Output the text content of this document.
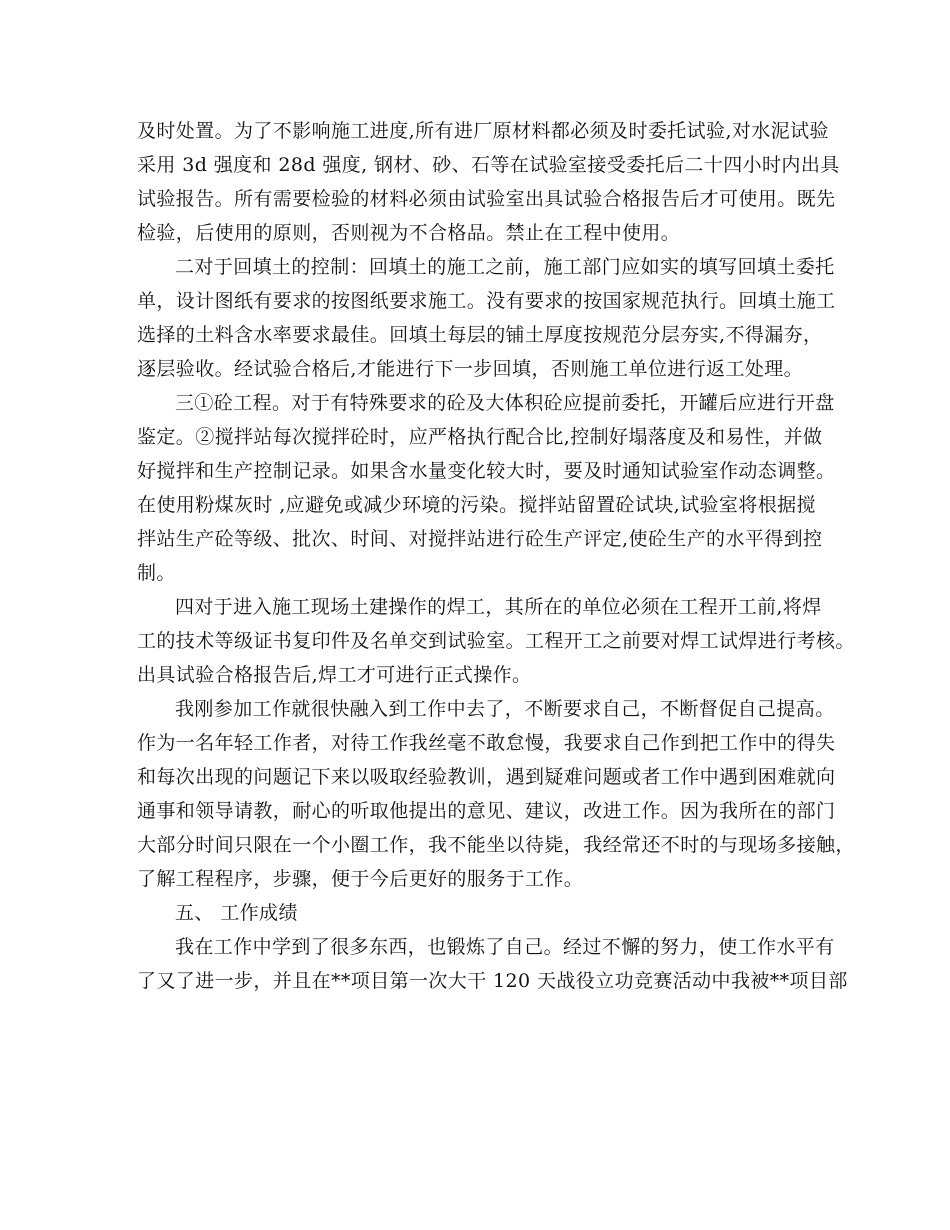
及时处置。为了不影响施工进度,所有进厂原材料都必须及时委托试验,对水泥试验
采用 3d 强度和 28d 强度, 钢材、砂、石等在试验室接受委托后二十四小时内出具
试验报告。所有需要检验的材料必须由试验室出具试验合格报告后才可使用。既先
检验，后使用的原则，否则视为不合格品。禁止在工程中使用。
二对于回填土的控制：回填土的施工之前，施工部门应如实的填写回填土委托
单，设计图纸有要求的按图纸要求施工。没有要求的按国家规范执行。回填土施工
选择的土料含水率要求最佳。回填土每层的铺土厚度按规范分层夯实,不得漏夯，
逐层验收。经试验合格后,才能进行下一步回填，否则施工单位进行返工处理。
三①砼工程。对于有特殊要求的砼及大体积砼应提前委托，开罐后应进行开盘
鉴定。②搅拌站每次搅拌砼时，应严格执行配合比,控制好塌落度及和易性，并做
好搅拌和生产控制记录。如果含水量变化较大时，要及时通知试验室作动态调整。
在使用粉煤灰时 ,应避免或减少环境的污染。搅拌站留置砼试块,试验室将根据搅
拌站生产砼等级、批次、时间、对搅拌站进行砼生产评定,使砼生产的水平得到控
制。
四对于进入施工现场土建操作的焊工，其所在的单位必须在工程开工前,将焊
工的技术等级证书复印件及名单交到试验室。工程开工之前要对焊工试焊进行考核。
出具试验合格报告后,焊工才可进行正式操作。
我刚参加工作就很快融入到工作中去了，不断要求自己，不断督促自己提高。
作为一名年轻工作者，对待工作我丝毫不敢怠慢，我要求自己作到把工作中的得失
和每次出现的问题记下来以吸取经验教训，遇到疑难问题或者工作中遇到困难就向
通事和领导请教，耐心的听取他提出的意见、建议，改进工作。因为我所在的部门
大部分时间只限在一个小圈工作，我不能坐以待毙，我经常还不时的与现场多接触，
了解工程程序，步骤，便于今后更好的服务于工作。
五、 工作成绩
我在工作中学到了很多东西，也锻炼了自己。经过不懈的努力，使工作水平有
了又了进一步，并且在**项目第一次大干 120 天战役立功竞赛活动中我被**项目部
